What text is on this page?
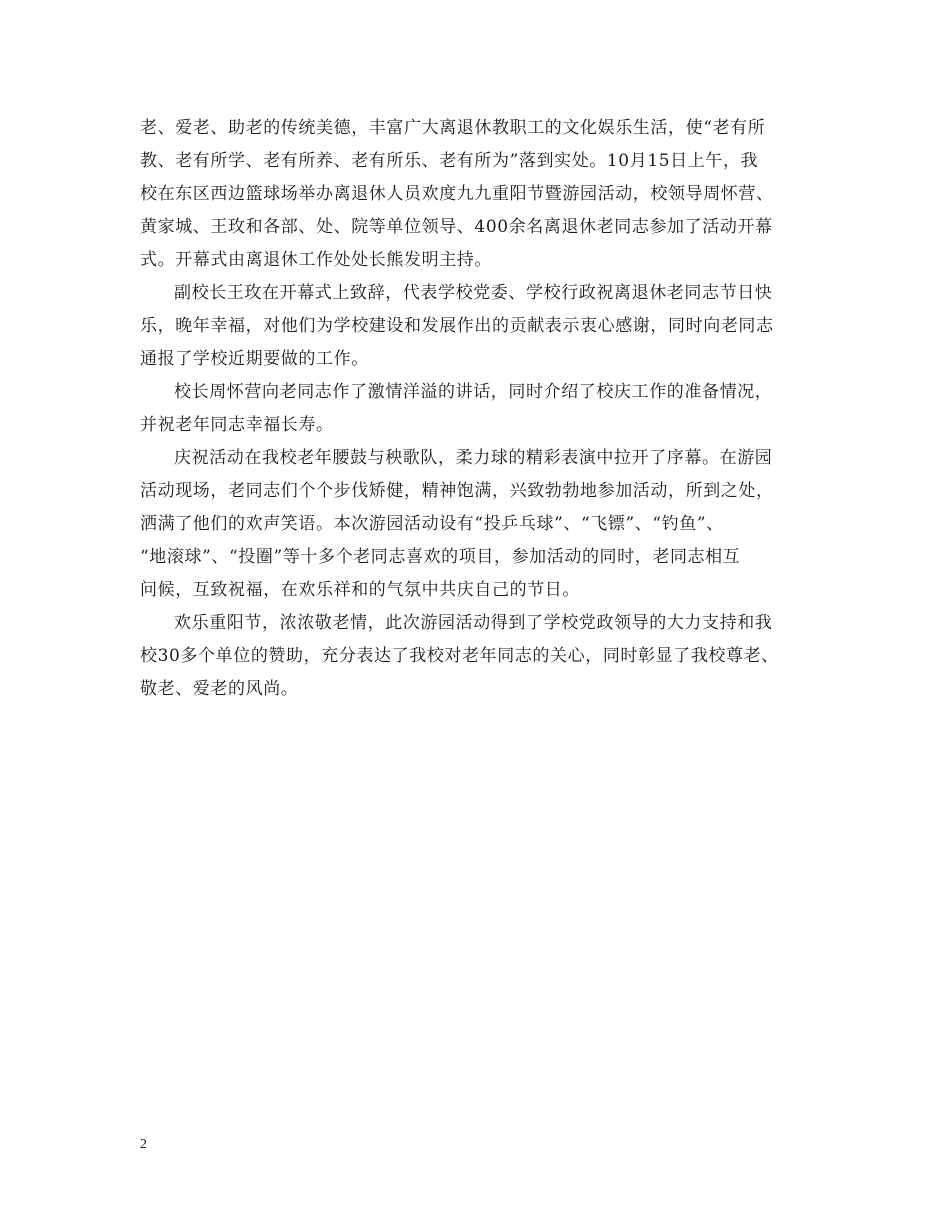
老、爱老、助老的传统美德，丰富广大离退休教职工的文化娱乐生活，使“老有所
教、老有所学、老有所养、老有所乐、老有所为”落到实处。10月15日上午，我
校在东区西边篮球场举办离退休人员欢度九九重阳节暨游园活动，校领导周怀营、
黄家城、王玫和各部、处、院等单位领导、400余名离退休老同志参加了活动开幕
式。开幕式由离退休工作处处长熊发明主持。

副校长王玫在开幕式上致辞，代表学校党委、学校行政祝离退休老同志节日快
乐，晚年幸福，对他们为学校建设和发展作出的贡献表示衷心感谢，同时向老同志
通报了学校近期要做的工作。

校长周怀营向老同志作了激情洋溢的讲话，同时介绍了校庆工作的准备情况，
并祝老年同志幸福长寿。

庆祝活动在我校老年腰鼓与秧歌队，柔力球的精彩表演中拉开了序幕。在游园
活动现场，老同志们个个步伐矫健，精神饱满，兴致勃勃地参加活动，所到之处，
洒满了他们的欢声笑语。本次游园活动设有“投乒乓球”、“飞镖”、“钓鱼”、
“地滚球”、“投圈”等十多个老同志喜欢的项目，参加活动的同时，老同志相互
问候，互致祝福，在欢乐祥和的气氛中共庆自己的节日。

欢乐重阳节，浓浓敬老情，此次游园活动得到了学校党政领导的大力支持和我
校30多个单位的赞助，充分表达了我校对老年同志的关心，同时彰显了我校尊老、
敬老、爱老的风尚。

2
